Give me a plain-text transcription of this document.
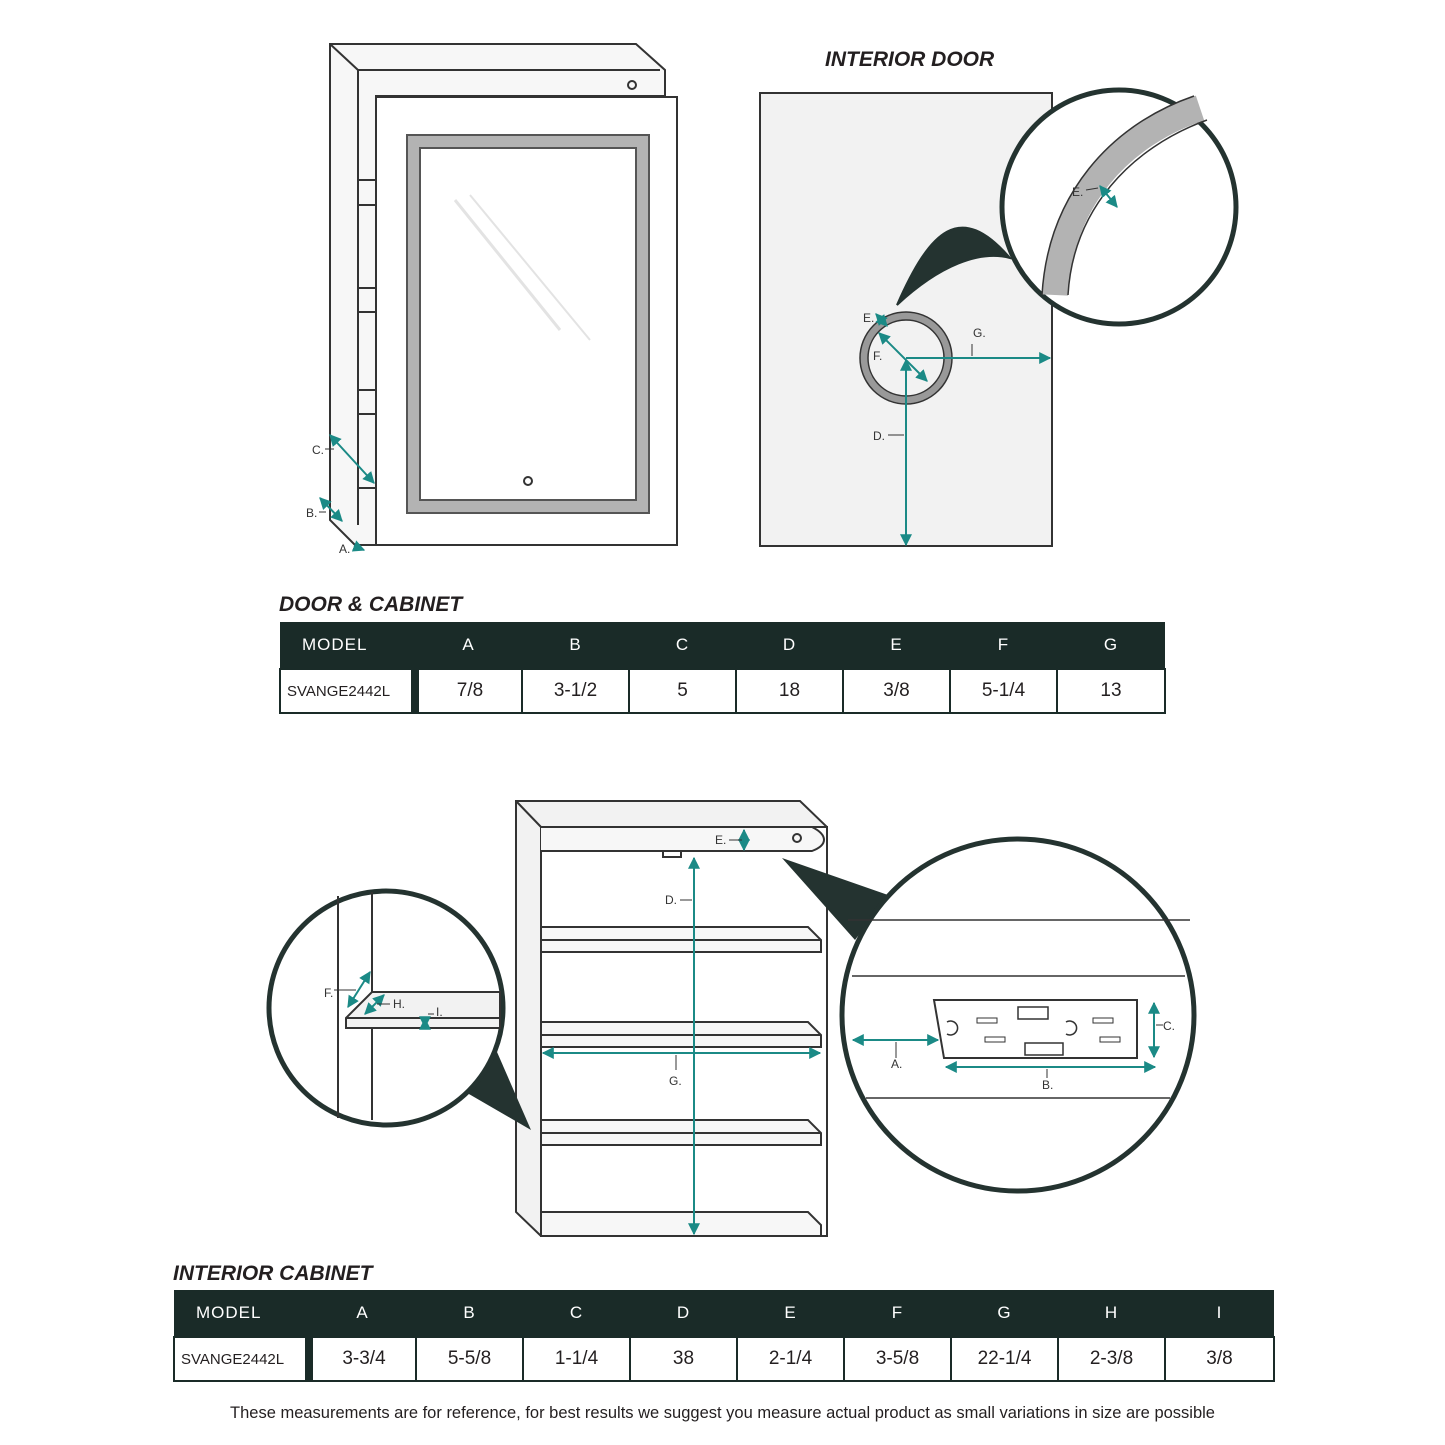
C.
B.
A.
E.
E.
F.
G.
D.
E.
D.
G.
F.
H.
I.
A.
B.
C.
INTERIOR DOOR
DOOR & CABINET
INTERIOR CABINET
MODEL	A	B	C	D	E	F	G
SVANGE2442L	7/8	3-1/2	5	18	3/8	5-1/4	13
MODEL	A	B	C	D	E	F	G	H	I
SVANGE2442L	3-3/4	5-5/8	1-1/4	38	2-1/4	3-5/8	22-1/4	2-3/8	3/8

These measurements are for reference, for best results we suggest you measure actual product as small variations in size are possible
